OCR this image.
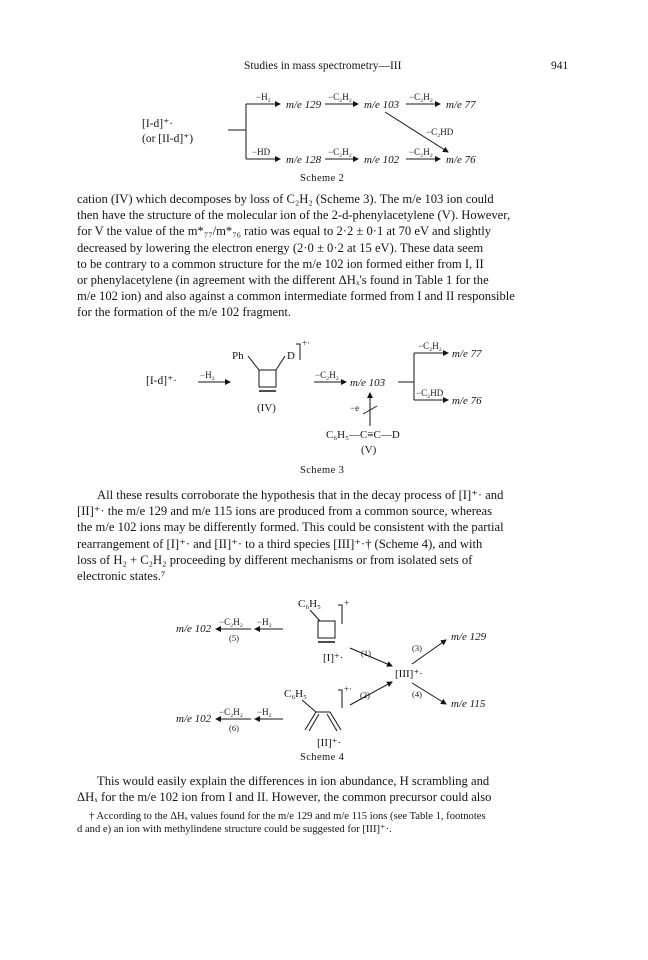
Studies in mass spectrometry—III	941
[I-d]⁺·
(or [II-d]⁺)
−H₂
m/e 129
−C₂H₂
m/e 103
−C₂H₂
m/e 77
−C₂HD
−HD
m/e 128
−C₂H₂
m/e 102
−C₂H₂
m/e 76
Scheme 2

cation (IV) which decomposes by loss of C₂H₂ (Scheme 3). The m/e 103 ion could

then have the structure of the molecular ion of the 2-d-phenylacetylene (V). However,

for V the value of the m*₇₇/m*₇₆ ratio was equal to 2·2 ± 0·1 at 70 eV and slightly

decreased by lowering the electron energy (2·0 ± 0·2 at 15 eV). These data seem

to be contrary to a common structure for the m/e 102 ion formed either from I, II

or phenylacetylene (in agreement with the different ΔHₓ's found in Table 1 for the

m/e 102 ion) and also against a common intermediate formed from I and II responsible

for the formation of the m/e 102 fragment.

[I-d]⁺·	−H₂
Ph	D
+·
(IV)
−C₂H₂
m/e 103
−C₂H₂
m/e 77
−C₂HD
m/e 76
−e
C₆H₅—C≡C—D
(V)
Scheme 3

All these results corroborate the hypothesis that in the decay process of [I]⁺· and

[II]⁺· the m/e 129 and m/e 115 ions are produced from a common source, whereas

the m/e 102 ions may be differently formed. This could be consistent with the partial

rearrangement of [I]⁺· and [II]⁺· to a third species [III]⁺·† (Scheme 4), and with

loss of H₂ + C₂H₂ proceeding by different mechanisms or from isolated sets of

electronic states.⁷

C₆H₅	+
[I]⁺·
m/e 102
−C₂H₂
(5)
−H₂
(1)
[III]⁺·
(3)
m/e 129
(4)
m/e 115
(2)
C₆H₅	+·
[II]⁺·
m/e 102
−C₂H₂
(6)
−H₂
Scheme 4

This would easily explain the differences in ion abundance, H scrambling and

ΔHₓ for the m/e 102 ion from I and II. However, the common precursor could also

† According to the ΔHₓ values found for the m/e 129 and m/e 115 ions (see Table 1, footnotes
d and e) an ion with methylindene structure could be suggested for [III]⁺·.
